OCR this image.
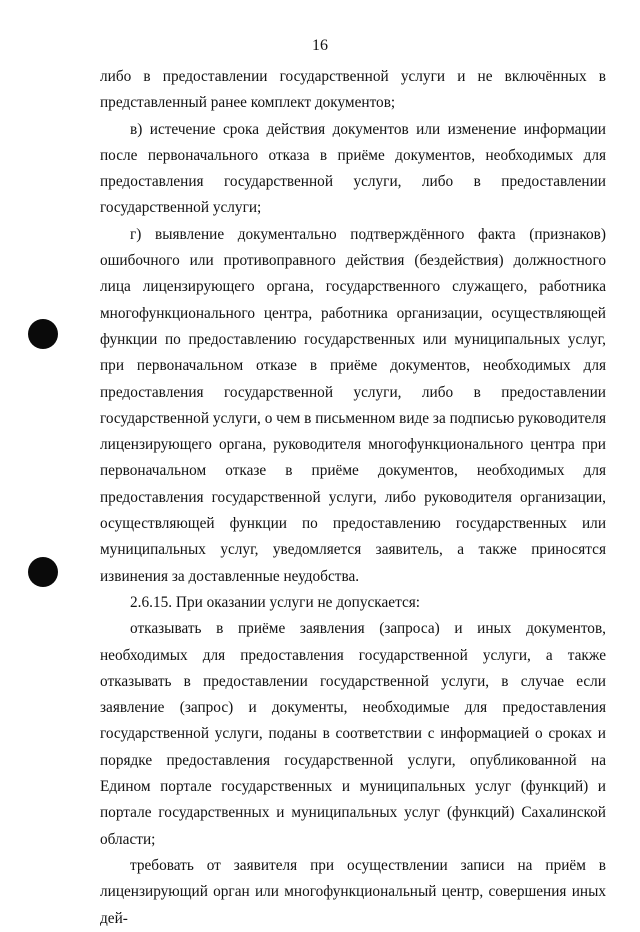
16

либо в предоставлении государственной услуги и не включённых в представленный ранее комплект документов;

в) истечение срока действия документов или изменение информации после первоначального отказа в приёме документов, необходимых для предоставления государственной услуги, либо в предоставлении государственной услуги;

г) выявление документально подтверждённого факта (признаков) ошибочного или противоправного действия (бездействия) должностного лица лицензирующего органа, государственного служащего, работника многофункционального центра, работника организации, осуществляющей функции по предоставлению государственных или муниципальных услуг, при первоначальном отказе в приёме документов, необходимых для предоставления государственной услуги, либо в предоставлении государственной услуги, о чем в письменном виде за подписью руководителя лицензирующего органа, руководителя многофункционального центра при первоначальном отказе в приёме документов, необходимых для предоставления государственной услуги, либо руководителя организации, осуществляющей функции по предоставлению государственных или муниципальных услуг, уведомляется заявитель, а также приносятся извинения за доставленные неудобства.

2.6.15. При оказании услуги не допускается:

отказывать в приёме заявления (запроса) и иных документов, необходимых для предоставления государственной услуги, а также отказывать в предоставлении государственной услуги, в случае если заявление (запрос) и документы, необходимые для предоставления государственной услуги, поданы в соответствии с информацией о сроках и порядке предоставления государственной услуги, опубликованной на Едином портале государственных и муниципальных услуг (функций) и портале государственных и муниципальных услуг (функций) Сахалинской области;

требовать от заявителя при осуществлении записи на приём в лицензирующий орган или многофункциональный центр, совершения иных дей-
